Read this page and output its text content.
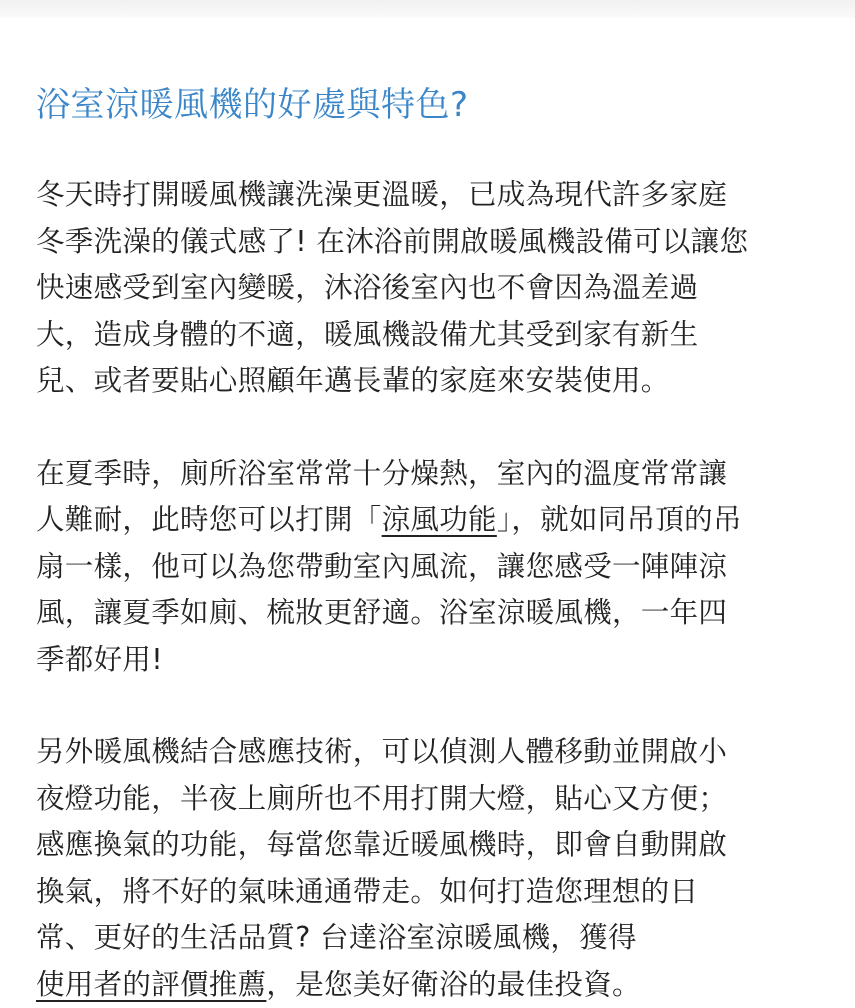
浴室涼暖風機的好處與特色?

冬天時打開暖風機讓洗澡更溫暖，已成為現代許多家庭
冬季洗澡的儀式感了! 在沐浴前開啟暖風機設備可以讓您
快速感受到室內變暖，沐浴後室內也不會因為溫差過
大，造成身體的不適，暖風機設備尤其受到家有新生
兒、或者要貼心照顧年邁長輩的家庭來安裝使用。

在夏季時，廁所浴室常常十分燥熱，室內的溫度常常讓
人難耐，此時您可以打開「涼風功能」，就如同吊頂的吊
扇一樣，他可以為您帶動室內風流，讓您感受一陣陣涼
風，讓夏季如廁、梳妝更舒適。浴室涼暖風機，一年四
季都好用!

另外暖風機結合感應技術，可以偵測人體移動並開啟小
夜燈功能，半夜上廁所也不用打開大燈，貼心又方便；
感應換氣的功能，每當您靠近暖風機時，即會自動開啟
換氣，將不好的氣味通通帶走。如何打造您理想的日
常、更好的生活品質? 台達浴室涼暖風機，獲得
使用者的評價推薦，是您美好衛浴的最佳投資。
